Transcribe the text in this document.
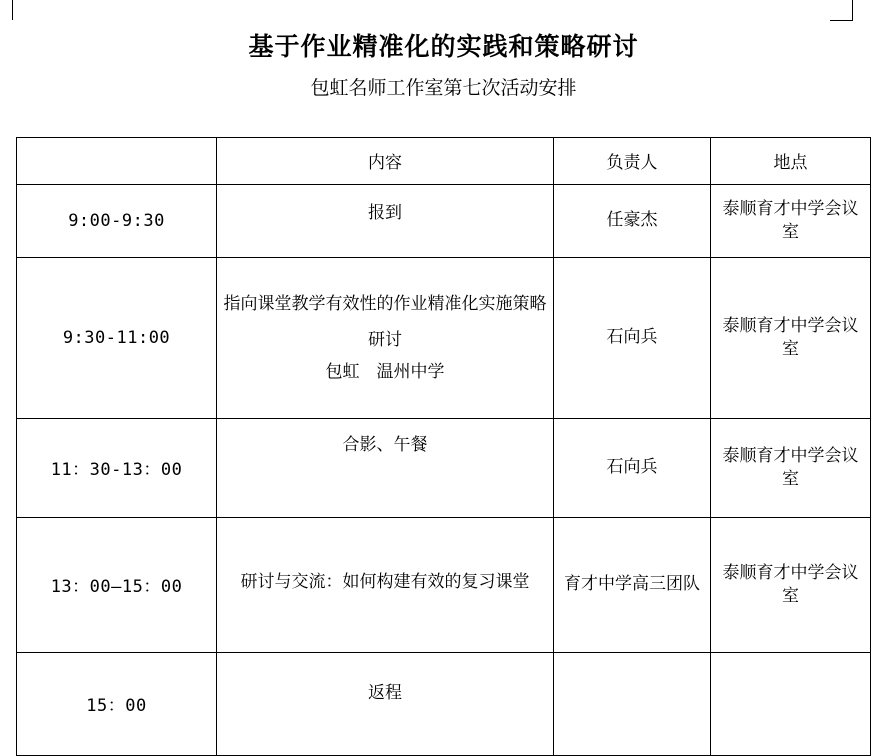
基于作业精准化的实践和策略研讨
包虹名师工作室第七次活动安排
	内容	负责人	地点
9:00-9:30	报到	任豪杰	泰顺育才中学会议室
9:30-11:00	指向课堂教学有效性的作业精准化实施策略研讨
包虹　温州中学	石向兵	泰顺育才中学会议室
11：30-13：00	合影、午餐	石向兵	泰顺育才中学会议室
13：00—15：00	研讨与交流：如何构建有效的复习课堂	育才中学高三团队	泰顺育才中学会议室
15：00	返程		
